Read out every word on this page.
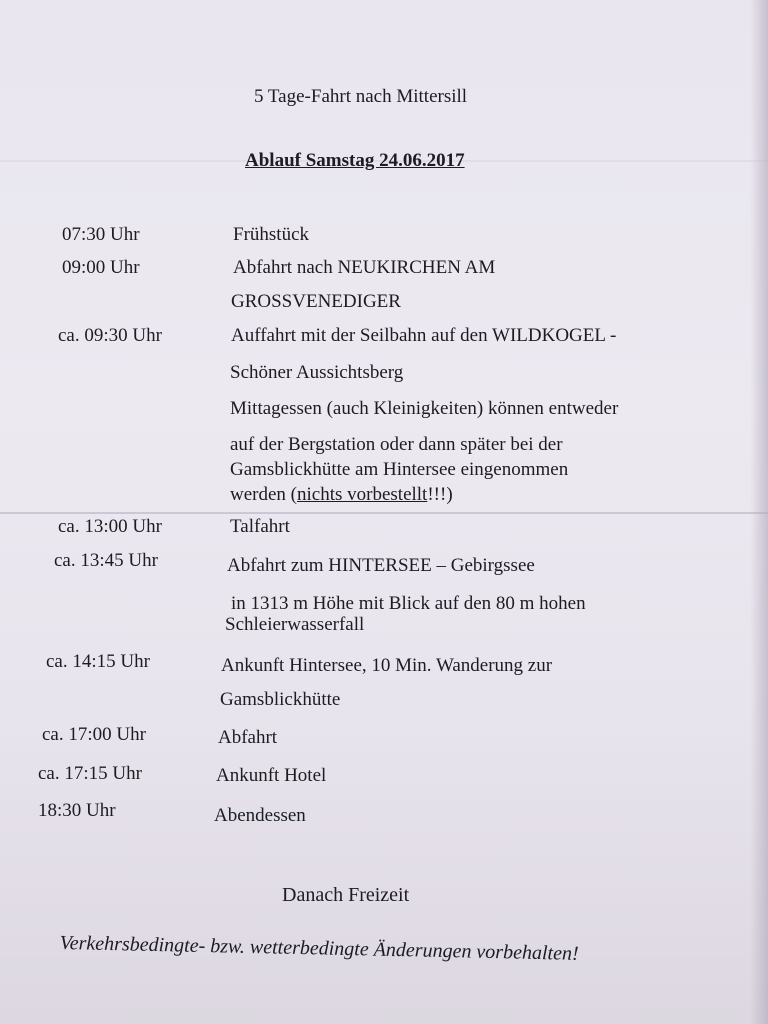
5 Tage-Fahrt nach Mittersill
Ablauf Samstag 24.06.2017
07:30 Uhr	Frühstück
09:00 Uhr	Abfahrt nach NEUKIRCHEN AM
GROSSVENEDIGER
ca. 09:30 Uhr	Auffahrt mit der Seilbahn auf den WILDKOGEL -
Schöner Aussichtsberg
Mittagessen (auch Kleinigkeiten) können entweder
auf der Bergstation oder dann später bei der
Gamsblickhütte am Hintersee eingenommen
werden (nichts vorbestellt!!!)
ca. 13:00 Uhr	Talfahrt
ca. 13:45 Uhr	Abfahrt zum HINTERSEE – Gebirgssee
in 1313 m Höhe mit Blick auf den 80 m hohen
Schleierwasserfall
ca. 14:15 Uhr	Ankunft Hintersee, 10 Min. Wanderung zur
Gamsblickhütte
ca. 17:00 Uhr	Abfahrt
ca. 17:15 Uhr	Ankunft Hotel
18:30 Uhr	Abendessen
Danach Freizeit
Verkehrsbedingte- bzw. wetterbedingte Änderungen vorbehalten!
